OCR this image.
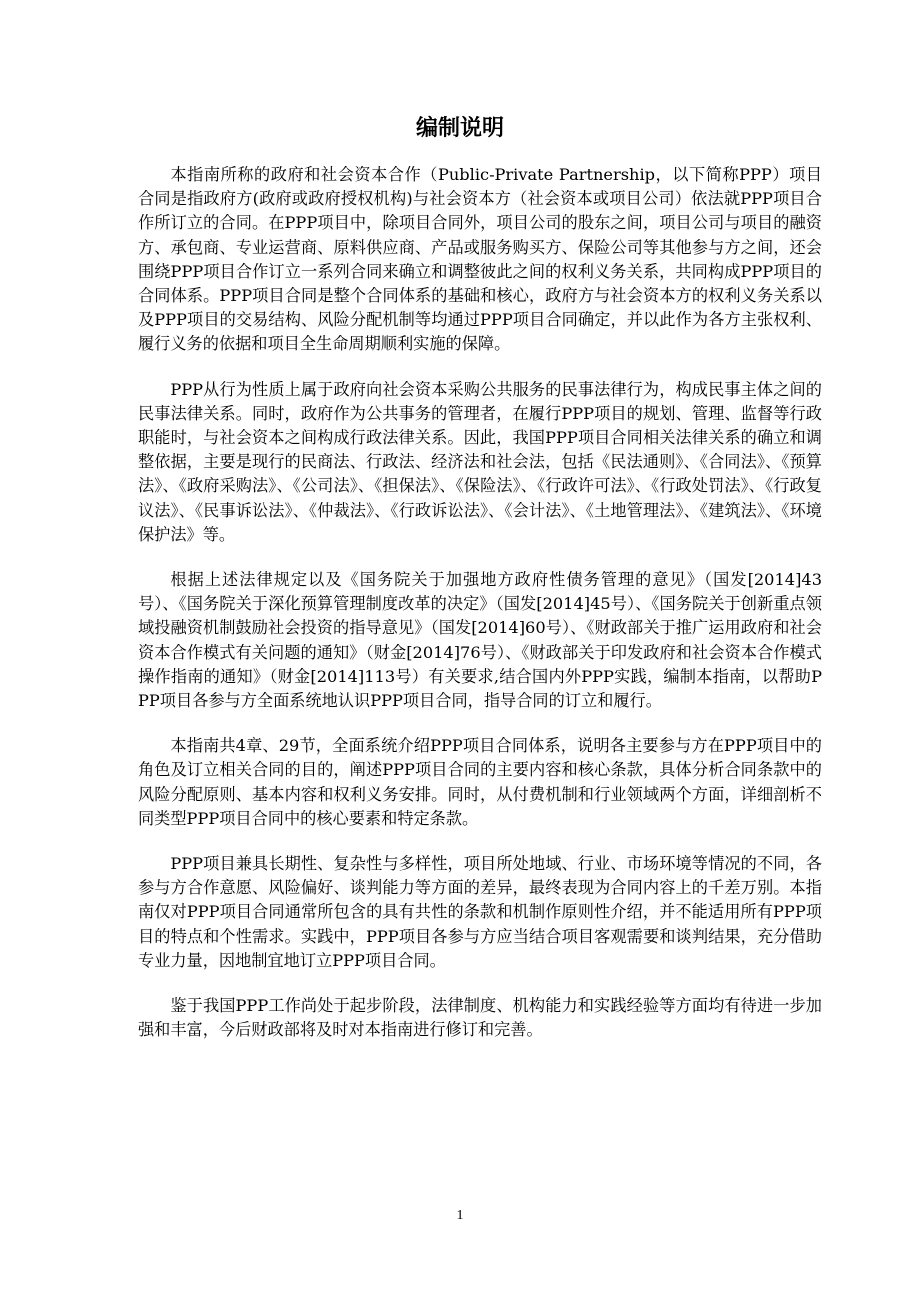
编制说明

本指南所称的政府和社会资本合作（Public-Private Partnership，以下简称PPP）项目合同是指政府方(政府或政府授权机构)与社会资本方（社会资本或项目公司）依法就PPP项目合作所订立的合同。在PPP项目中，除项目合同外，项目公司的股东之间，项目公司与项目的融资方、承包商、专业运营商、原料供应商、产品或服务购买方、保险公司等其他参与方之间，还会围绕PPP项目合作订立一系列合同来确立和调整彼此之间的权利义务关系，共同构成PPP项目的合同体系。PPP项目合同是整个合同体系的基础和核心，政府方与社会资本方的权利义务关系以及PPP项目的交易结构、风险分配机制等均通过PPP项目合同确定，并以此作为各方主张权利、履行义务的依据和项目全生命周期顺利实施的保障。

PPP从行为性质上属于政府向社会资本采购公共服务的民事法律行为，构成民事主体之间的民事法律关系。同时，政府作为公共事务的管理者，在履行PPP项目的规划、管理、监督等行政职能时，与社会资本之间构成行政法律关系。因此，我国PPP项目合同相关法律关系的确立和调整依据，主要是现行的民商法、行政法、经济法和社会法，包括《民法通则》、《合同法》、《预算法》、《政府采购法》、《公司法》、《担保法》、《保险法》、《行政许可法》、《行政处罚法》、《行政复议法》、《民事诉讼法》、《仲裁法》、《行政诉讼法》、《会计法》、《土地管理法》、《建筑法》、《环境保护法》等。

根据上述法律规定以及《国务院关于加强地方政府性债务管理的意见》（国发[2014]43号）、《国务院关于深化预算管理制度改革的决定》（国发[2014]45号）、《国务院关于创新重点领域投融资机制鼓励社会投资的指导意见》（国发[2014]60号）、《财政部关于推广运用政府和社会资本合作模式有关问题的通知》（财金[2014]76号）、《财政部关于印发政府和社会资本合作模式操作指南的通知》（财金[2014]113号）有关要求,结合国内外PPP实践，编制本指南，以帮助PPP项目各参与方全面系统地认识PPP项目合同，指导合同的订立和履行。

本指南共4章、29节，全面系统介绍PPP项目合同体系，说明各主要参与方在PPP项目中的角色及订立相关合同的目的，阐述PPP项目合同的主要内容和核心条款，具体分析合同条款中的风险分配原则、基本内容和权利义务安排。同时，从付费机制和行业领域两个方面，详细剖析不同类型PPP项目合同中的核心要素和特定条款。

PPP项目兼具长期性、复杂性与多样性，项目所处地域、行业、市场环境等情况的不同，各参与方合作意愿、风险偏好、谈判能力等方面的差异，最终表现为合同内容上的千差万别。本指南仅对PPP项目合同通常所包含的具有共性的条款和机制作原则性介绍，并不能适用所有PPP项目的特点和个性需求。实践中，PPP项目各参与方应当结合项目客观需要和谈判结果，充分借助专业力量，因地制宜地订立PPP项目合同。

鉴于我国PPP工作尚处于起步阶段，法律制度、机构能力和实践经验等方面均有待进一步加强和丰富，今后财政部将及时对本指南进行修订和完善。

1
